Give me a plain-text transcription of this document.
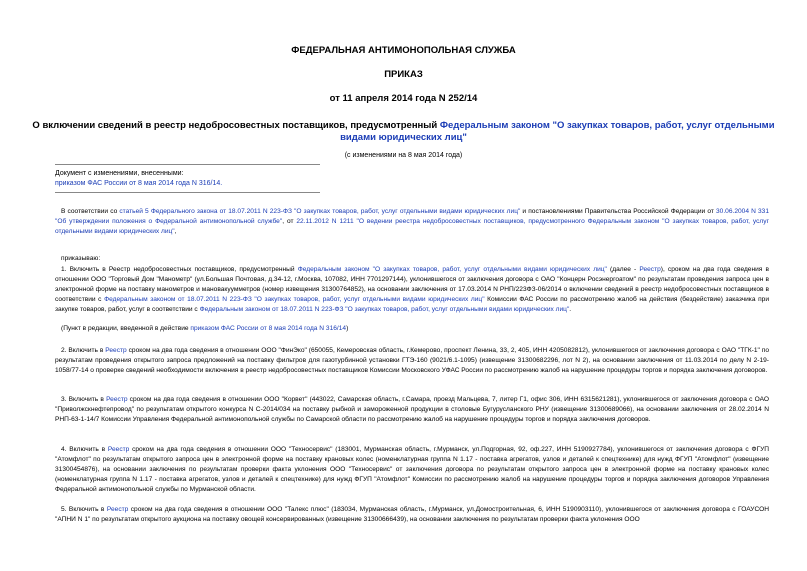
ФЕДЕРАЛЬНАЯ АНТИМОНОПОЛЬНАЯ СЛУЖБА
ПРИКАЗ
от 11 апреля 2014 года N 252/14
О включении сведений в реестр недобросовестных поставщиков, предусмотренный Федеральным законом "О закупках товаров, работ, услуг отдельными видами юридических лиц"
(с изменениями на 8 мая 2014 года)
Документ с изменениями, внесенными:
приказом ФАС России от 8 мая 2014 года N 316/14.

В соответствии со статьей 5 Федерального закона от 18.07.2011 N 223-ФЗ "О закупках товаров, работ, услуг отдельными видами юридических лиц" и постановлениями Правительства Российской Федерации от 30.06.2004 N 331 "Об утверждении положения о Федеральной антимонопольной службе", от 22.11.2012 N 1211 "О ведении реестра недобросовестных поставщиков, предусмотренного Федеральным законом "О закупках товаров, работ, услуг отдельными видами юридических лиц",

приказываю:

1. Включить в Реестр недобросовестных поставщиков, предусмотренный Федеральным законом "О закупках товаров, работ, услуг отдельными видами юридических лиц" (далее - Реестр), сроком на два года сведения в отношении ООО "Торговый Дом "Манометр" (ул.Большая Почтовая, д.34-12, г.Москва, 107082, ИНН 7701297144), уклонившегося от заключения договора с ОАО "Концерн Росэнергоатом" по результатам проведения запроса цен в электронной форме на поставку манометров и мановакуумметров (номер извещения 31300764852), на основании заключения от 17.03.2014 N РНП/223ФЗ-06/2014 о включении сведений в реестр недобросовестных поставщиков в соответствии с Федеральным законом от 18.07.2011 N 223-ФЗ "О закупках товаров, работ, услуг отдельными видами юридических лиц" Комиссии ФАС России по рассмотрению жалоб на действия (бездействие) заказчика при закупке товаров, работ, услуг в соответствии с Федеральным законом от 18.07.2011 N 223-ФЗ "О закупках товаров, работ, услуг отдельными видами юридических лиц".

(Пункт в редакции, введенной в действие приказом ФАС России от 8 мая 2014 года N 316/14)

2. Включить в Реестр сроком на два года сведения в отношении ООО "ФинЭко" (650055, Кемеровская область, г.Кемерово, проспект Ленина, 33, 2, 405, ИНН 4205082812), уклонившегося от заключения договора с ОАО "ТГК-1" по результатам проведения открытого запроса предложений на поставку фильтров для газотурбинной установки ГТЭ-160 (9021/6.1-1095) (извещение 31300682296, лот N 2), на основании заключения от 11.03.2014 по делу N 2-19-1058/77-14 о проверке сведений необходимости включения в реестр недобросовестных поставщиков Комиссии Московского УФАС России по рассмотрению жалоб на нарушение процедуры торгов и порядка заключения договоров.

3. Включить в Реестр сроком на два года сведения в отношении ООО "Корвет" (443022, Самарская область, г.Самара, проезд Мальцева, 7, литер Г1, офис 306, ИНН 6315621281), уклонившегося от заключения договора с ОАО "Приволжскнефтепровод" по результатам открытого конкурса N С-2014/034 на поставку рыбной и замороженной продукции в столовые Бугурусланского РНУ (извещение 31300689066), на основании заключения от 28.02.2014 N РНП-63-1-14/7 Комиссии Управления Федеральной антимонопольной службы по Самарской области по рассмотрению жалоб на нарушение процедуры торгов и порядка заключения договоров.

4. Включить в Реестр сроком на два года сведения в отношении ООО "Техносервис" (183001, Мурманская область, г.Мурманск, ул.Подгорная, 92, оф.227, ИНН 5190927784), уклонившегося от заключения договора с ФГУП "Атомфлот" по результатам открытого запроса цен в электронной форме на поставку крановых колес (номенклатурная группа N 1.17 - поставка агрегатов, узлов и деталей к спецтехнике) для нужд ФГУП "Атомфлот" (извещение 31300454876), на основании заключения по результатам проверки факта уклонения ООО "Техносервис" от заключения договора по результатам открытого запроса цен в электронной форме на поставку крановых колес (номенклатурная группа N 1.17 - поставка агрегатов, узлов и деталей к спецтехнике) для нужд ФГУП "Атомфлот" Комиссии по рассмотрению жалоб на нарушение процедуры торгов и порядка заключения договоров Управления Федеральной антимонопольной службы по Мурманской области.

5. Включить в Реестр сроком на два года сведения в отношении ООО "Талекс плюс" (183034, Мурманская область, г.Мурманск, ул.Домостроительная, 6, ИНН 5190903110), уклонившегося от заключения договора с ГОАУСОН "АПНИ N 1" по результатам открытого аукциона на поставку овощей консервированных (извещение 31300666439), на основании заключения по результатам проверки факта уклонения ООО
